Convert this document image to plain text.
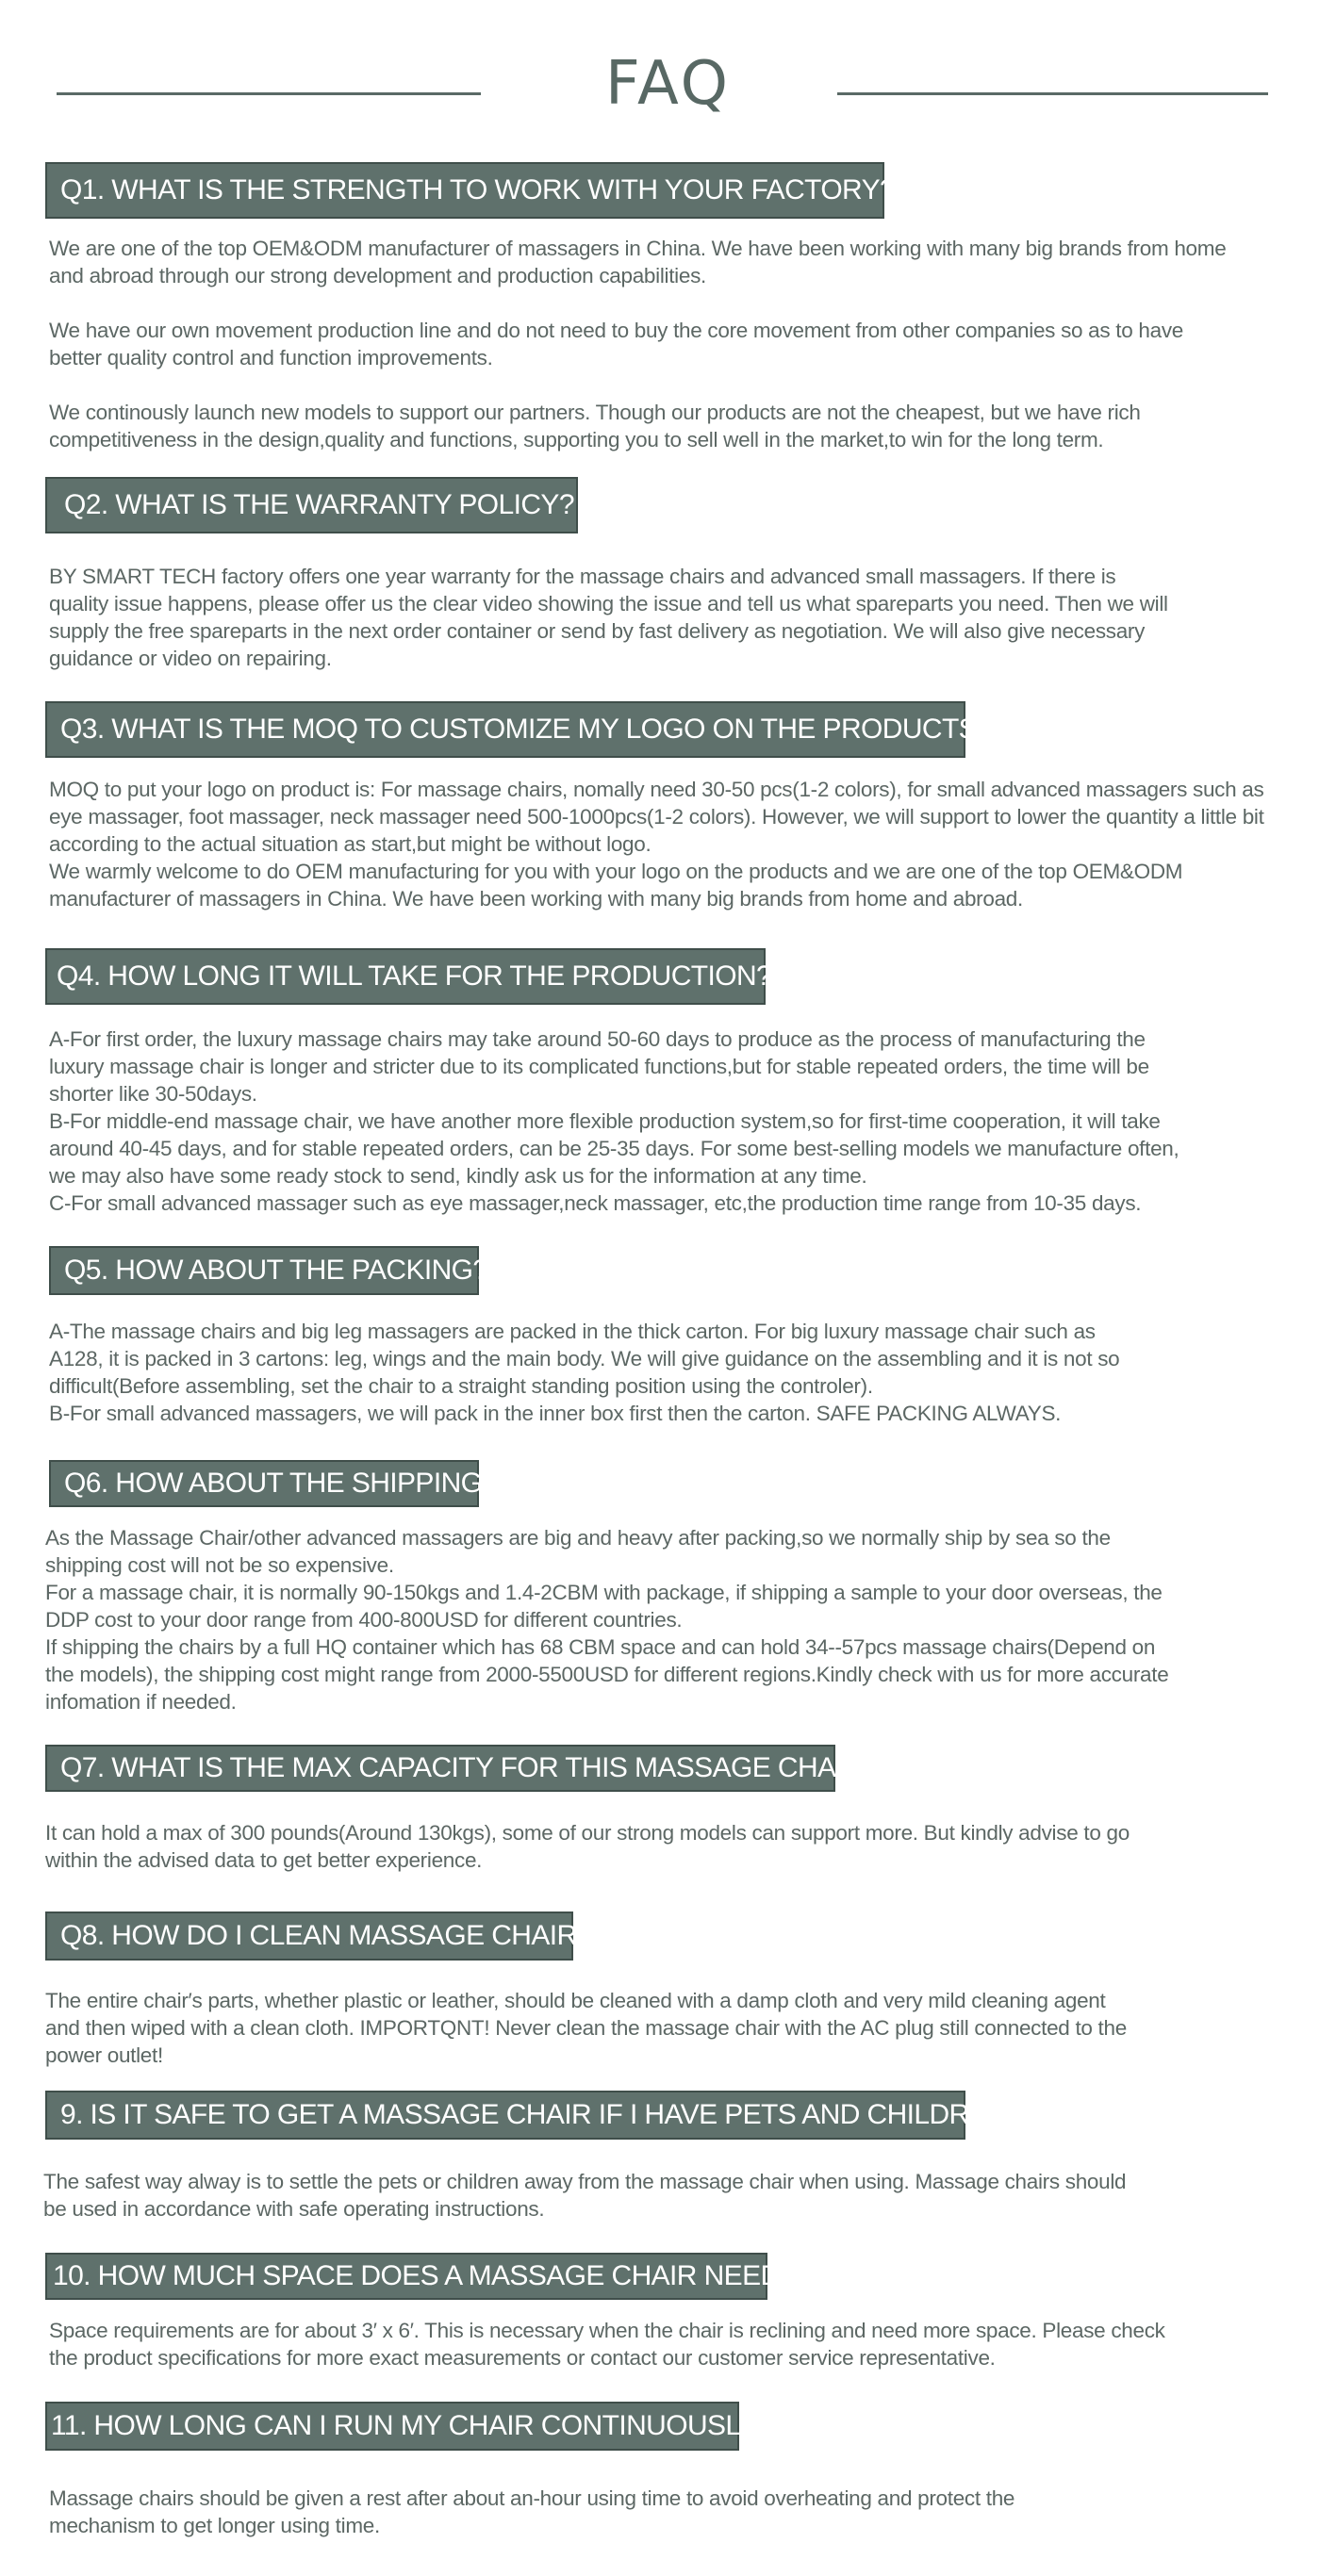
FAQ
Q1. WHAT IS THE STRENGTH TO WORK WITH YOUR FACTORY?

We are one of the top OEM&ODM manufacturer of massagers in China. We have been working with many big brands from home and abroad through our strong development and production capabilities.

We have our own movement production line and do not need to buy the core movement from other companies so as to have better quality control and function improvements.

We continously launch new models to support our partners. Though our products are not the cheapest, but we have rich competitiveness in the design,quality and functions, supporting you to sell well in the market,to win for the long term.

Q2. WHAT IS THE WARRANTY POLICY?

BY SMART TECH factory offers one year warranty for the massage chairs and advanced small massagers. If there is quality issue happens, please offer us the clear video showing the issue and tell us what spareparts you need. Then we will supply the free spareparts in the next order container or send by fast delivery as negotiation. We will also give necessary guidance or video on repairing.

Q3. WHAT IS THE MOQ TO CUSTOMIZE MY LOGO ON THE PRODUCTS?

MOQ to put your logo on product is: For massage chairs, nomally need 30-50 pcs(1-2 colors), for small advanced massagers such as eye massager, foot massager, neck massager need 500-1000pcs(1-2 colors). However, we will support to lower the quantity a little bit according to the actual situation as start,but might be without logo.

We warmly welcome to do OEM manufacturing for you with your logo on the products and we are one of the top OEM&ODM manufacturer of massagers in China. We have been working with many big brands from home and abroad.

Q4. HOW LONG IT WILL TAKE FOR THE PRODUCTION?

A-For first order, the luxury massage chairs may take around 50-60 days to produce as the process of manufacturing the luxury massage chair is longer and stricter due to its complicated functions,but for stable repeated orders, the time will be shorter like 30-50days.

B-For middle-end massage chair, we have another more flexible production system,so for first-time cooperation, it will take around 40-45 days, and for stable repeated orders, can be 25-35 days. For some best-selling models we manufacture often, we may also have some ready stock to send, kindly ask us for the information at any time.

C-For small advanced massager such as eye massager,neck massager, etc,the production time range from 10-35 days.

Q5. HOW ABOUT THE PACKING?

A-The massage chairs and big leg massagers are packed in the thick carton. For big luxury massage chair such as A128, it is packed in 3 cartons: leg, wings and the main body. We will give guidance on the assembling and it is not so difficult(Before assembling, set the chair to a straight standing position using the controler).

B-For small advanced massagers, we will pack in the inner box first then the carton. SAFE PACKING ALWAYS.

Q6. HOW ABOUT THE SHIPPING?

As the Massage Chair/other advanced massagers are big and heavy after packing,so we normally ship by sea so the shipping cost will not be so expensive.

For a massage chair, it is normally 90-150kgs and 1.4-2CBM with package, if shipping a sample to your door overseas, the DDP cost to your door range from 400-800USD for different countries.

If shipping the chairs by a full HQ container which has 68 CBM space and can hold 34--57pcs massage chairs(Depend on the models), the shipping cost might range from 2000-5500USD for different regions.Kindly check with us for more accurate infomation if needed.

Q7. WHAT IS THE MAX CAPACITY FOR THIS MASSAGE CHAIR?

It can hold a max of 300 pounds(Around 130kgs), some of our strong models can support more. But kindly advise to go within the advised data to get better experience.

Q8. HOW DO I CLEAN MASSAGE CHAIR?

The entire chair′s parts, whether plastic or leather, should be cleaned with a damp cloth and very mild cleaning agent and then wiped with a clean cloth. IMPORTQNT! Never clean the massage chair with the AC plug still connected to the power outlet!

9. IS IT SAFE TO GET A MASSAGE CHAIR IF I HAVE PETS AND CHILDREN?

The safest way alway is to settle the pets or children away from the massage chair when using. Massage chairs should be used in accordance with safe operating instructions.

10. HOW MUCH SPACE DOES A MASSAGE CHAIR NEED?

Space requirements are for about 3′ x 6′. This is necessary when the chair is reclining and need more space. Please check the product specifications for more exact measurements or contact our customer service representative.

11. HOW LONG CAN I RUN MY CHAIR CONTINUOUSLY?

Massage chairs should be given a rest after about an-hour using time to avoid overheating and protect the mechanism to get longer using time.
